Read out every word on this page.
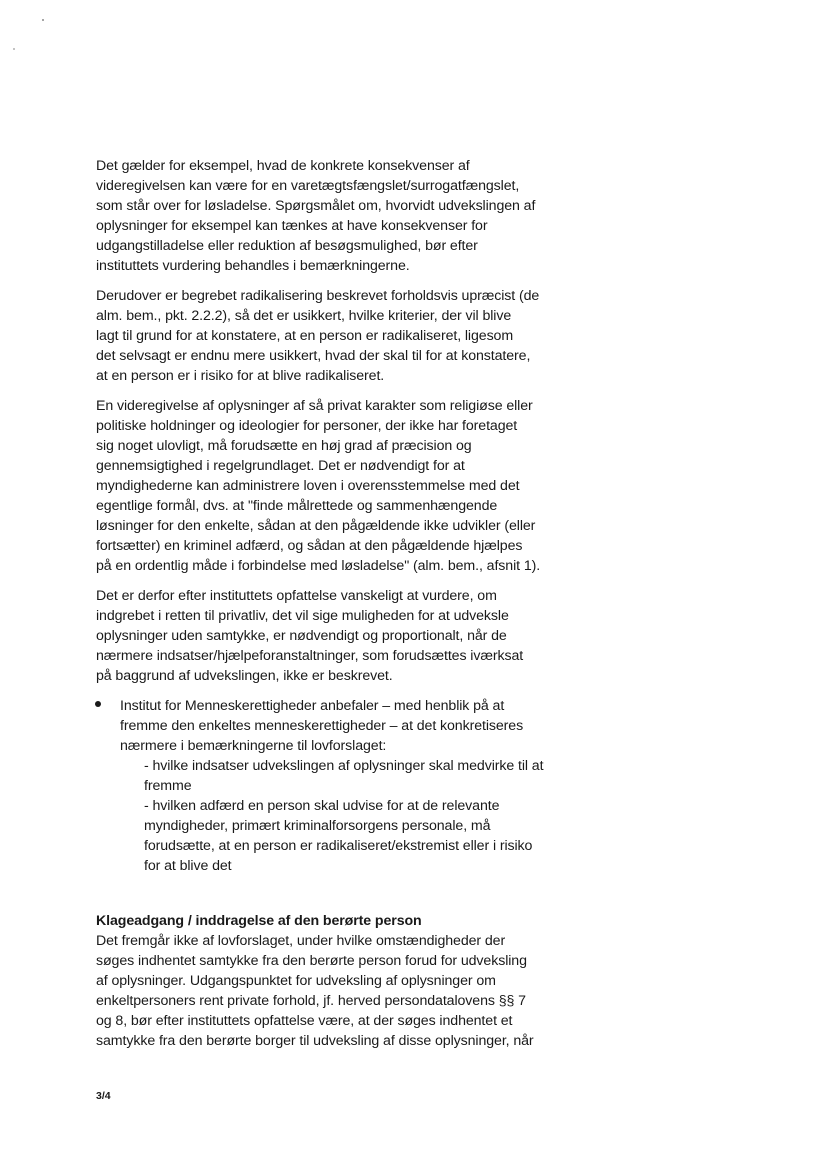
Det gælder for eksempel, hvad de konkrete konsekvenser af
videregivelsen kan være for en varetægtsfængslet/surrogatfængslet,
som står over for løsladelse. Spørgsmålet om, hvorvidt udvekslingen af
oplysninger for eksempel kan tænkes at have konsekvenser for
udgangstilladelse eller reduktion af besøgsmulighed, bør efter
instituttets vurdering behandles i bemærkningerne.
Derudover er begrebet radikalisering beskrevet forholdsvis upræcist (de
alm. bem., pkt. 2.2.2), så det er usikkert, hvilke kriterier, der vil blive
lagt til grund for at konstatere, at en person er radikaliseret, ligesom
det selvsagt er endnu mere usikkert, hvad der skal til for at konstatere,
at en person er i risiko for at blive radikaliseret.
En videregivelse af oplysninger af så privat karakter som religiøse eller
politiske holdninger og ideologier for personer, der ikke har foretaget
sig noget ulovligt, må forudsætte en høj grad af præcision og
gennemsigtighed i regelgrundlaget. Det er nødvendigt for at
myndighederne kan administrere loven i overensstemmelse med det
egentlige formål, dvs. at "finde målrettede og sammenhængende
løsninger for den enkelte, sådan at den pågældende ikke udvikler (eller
fortsætter) en kriminel adfærd, og sådan at den pågældende hjælpes
på en ordentlig måde i forbindelse med løsladelse" (alm. bem., afsnit 1).
Det er derfor efter instituttets opfattelse vanskeligt at vurdere, om
indgrebet i retten til privatliv, det vil sige muligheden for at udveksle
oplysninger uden samtykke, er nødvendigt og proportionalt, når de
nærmere indsatser/hjælpeforanstaltninger, som forudsættes iværksat
på baggrund af udvekslingen, ikke er beskrevet.
Institut for Menneskerettigheder anbefaler – med henblik på at
fremme den enkeltes menneskerettigheder – at det konkretiseres
nærmere i bemærkningerne til lovforslaget:
- hvilke indsatser udvekslingen af oplysninger skal medvirke til at
fremme
- hvilken adfærd en person skal udvise for at de relevante
myndigheder, primært kriminalforsorgens personale, må
forudsætte, at en person er radikaliseret/ekstremist eller i risiko
for at blive det
Klageadgang / inddragelse af den berørte person
Det fremgår ikke af lovforslaget, under hvilke omstændigheder der
søges indhentet samtykke fra den berørte person forud for udveksling
af oplysninger. Udgangspunktet for udveksling af oplysninger om
enkeltpersoners rent private forhold, jf. herved persondatalovens §§ 7
og 8, bør efter instituttets opfattelse være, at der søges indhentet et
samtykke fra den berørte borger til udveksling af disse oplysninger, når
3/4
